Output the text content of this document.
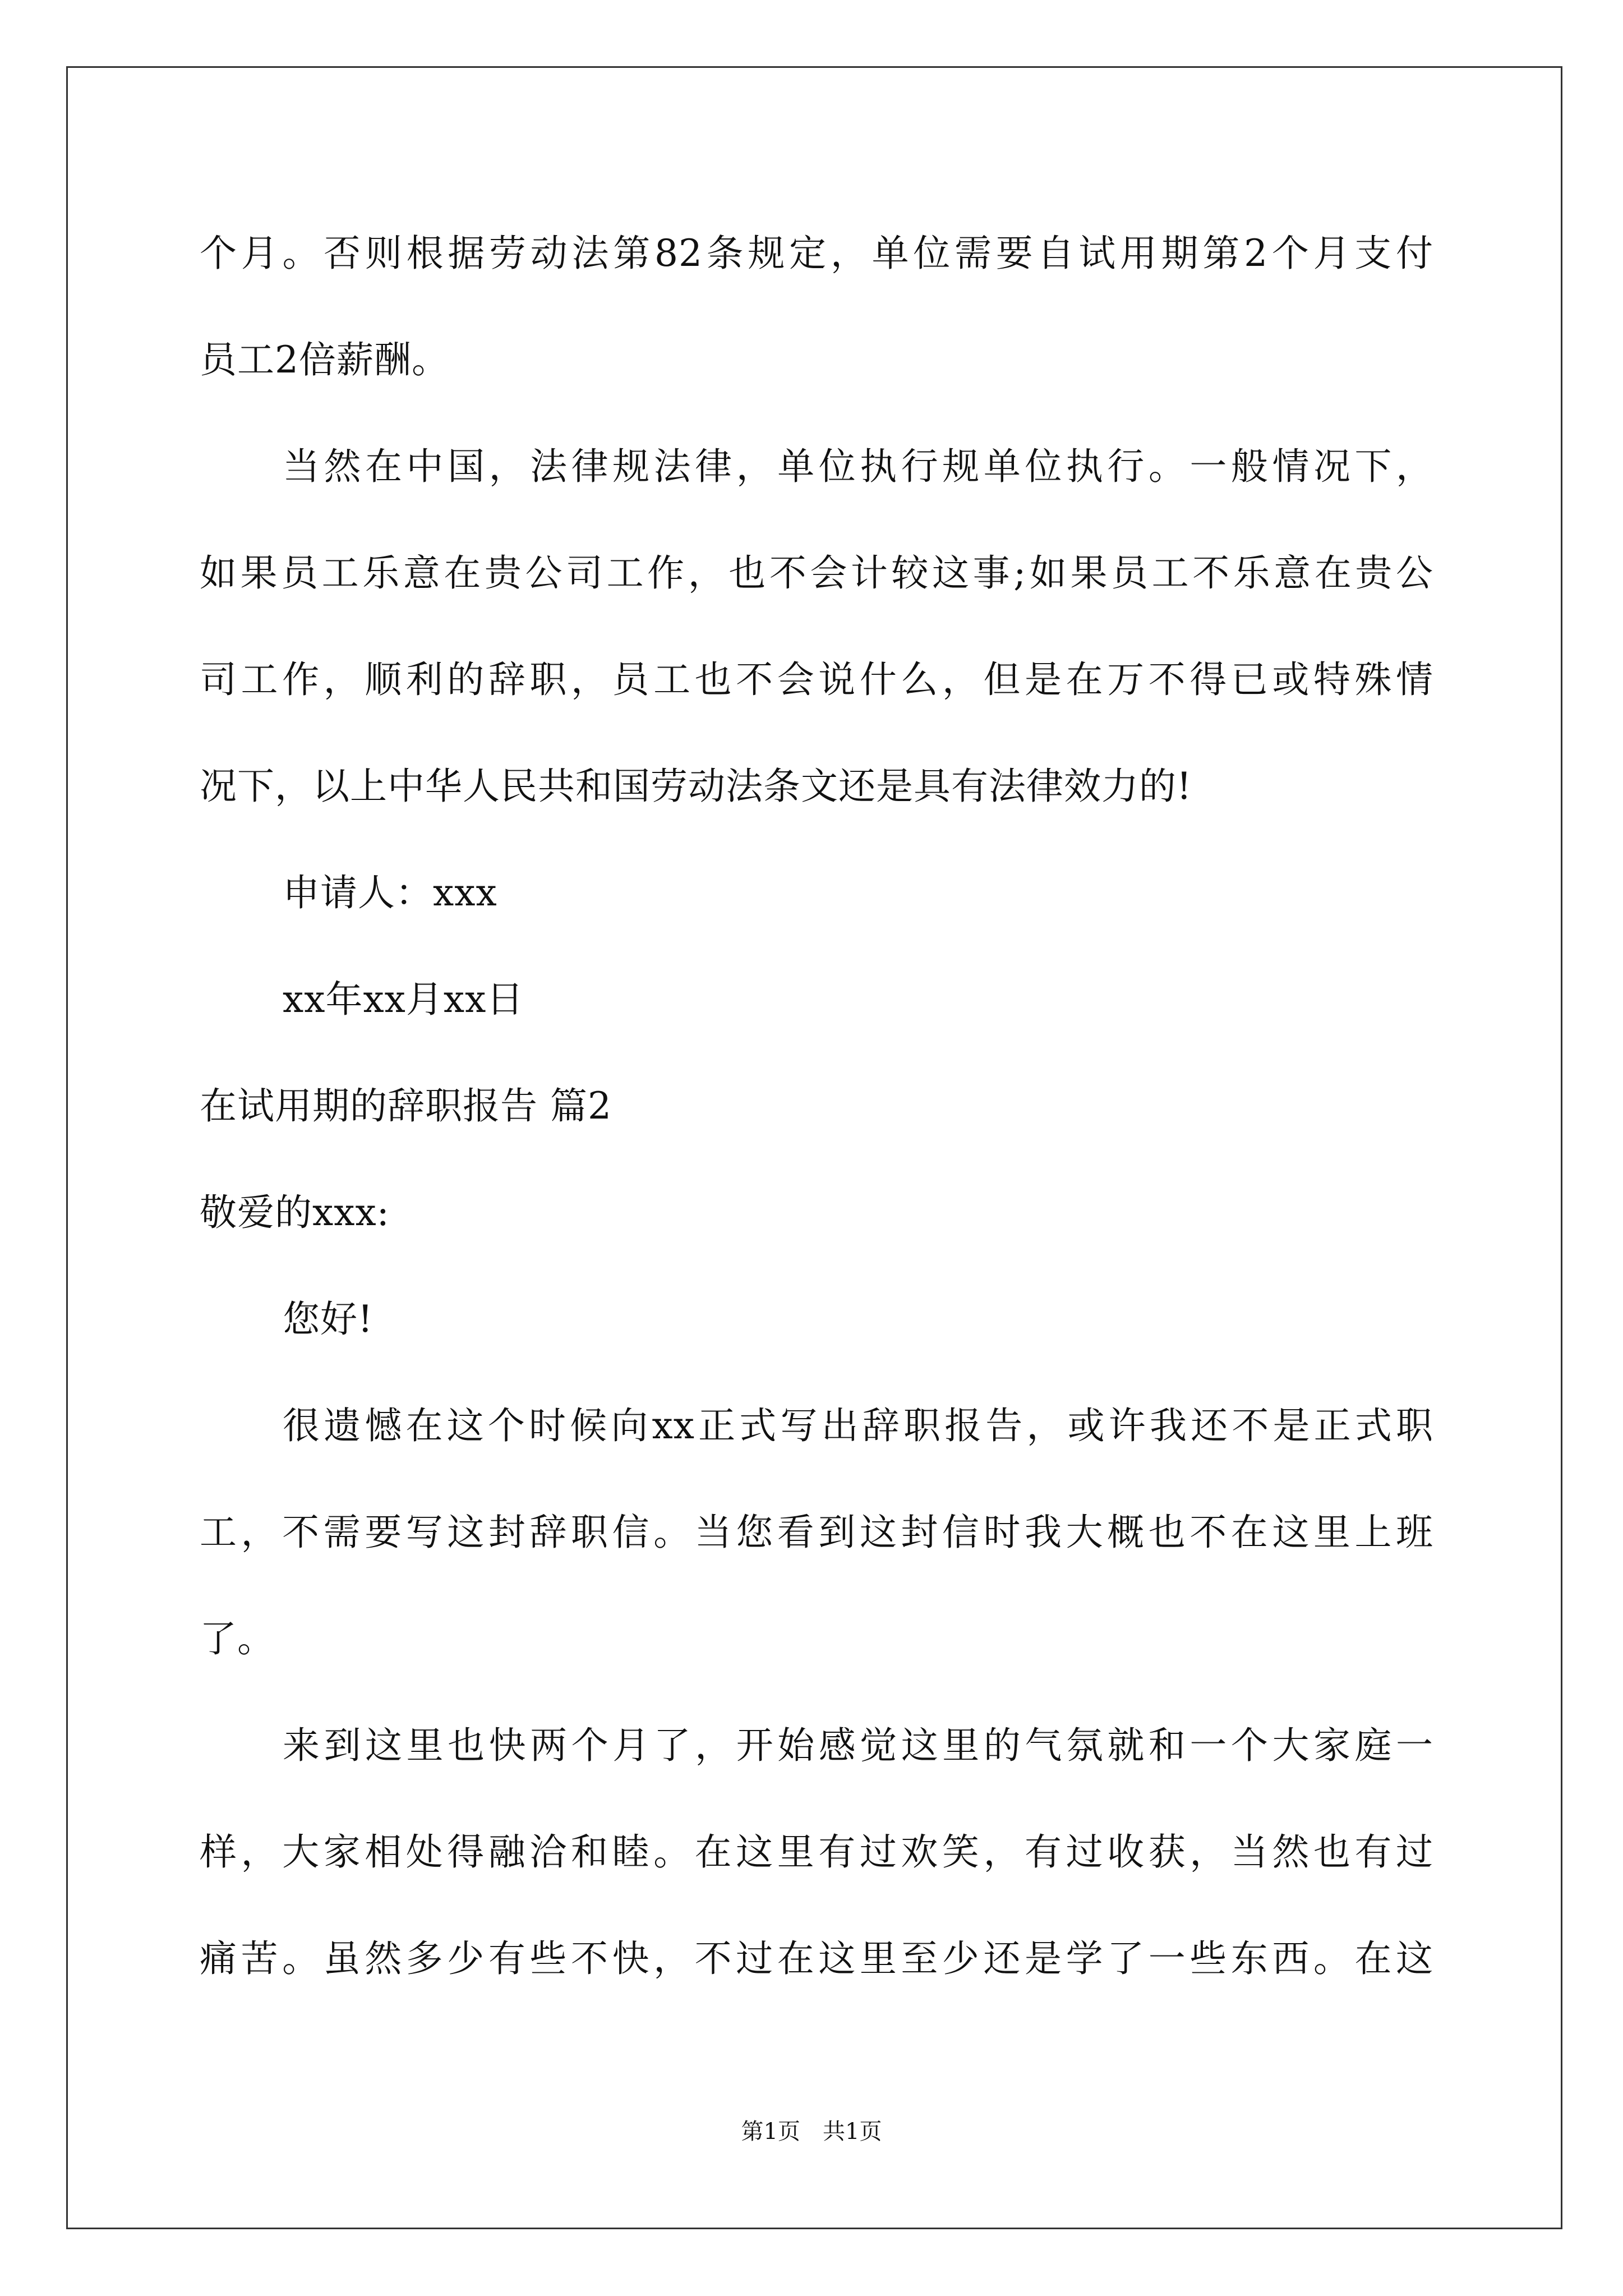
个月。否则根据劳动法第82条规定，单位需要自试用期第2个月支付
员工2倍薪酬。
当然在中国，法律规法律，单位执行规单位执行。一般情况下，
如果员工乐意在贵公司工作，也不会计较这事;如果员工不乐意在贵公
司工作，顺利的辞职，员工也不会说什么，但是在万不得已或特殊情
况下，以上中华人民共和国劳动法条文还是具有法律效力的!
申请人：xxx
xx年xx月xx日
在试用期的辞职报告 篇2
敬爱的xxx:
您好!
很遗憾在这个时候向xx正式写出辞职报告，或许我还不是正式职
工，不需要写这封辞职信。当您看到这封信时我大概也不在这里上班
了。
来到这里也快两个月了，开始感觉这里的气氛就和一个大家庭一
样，大家相处得融洽和睦。在这里有过欢笑，有过收获，当然也有过
痛苦。虽然多少有些不快，不过在这里至少还是学了一些东西。在这
第1页　共1页
